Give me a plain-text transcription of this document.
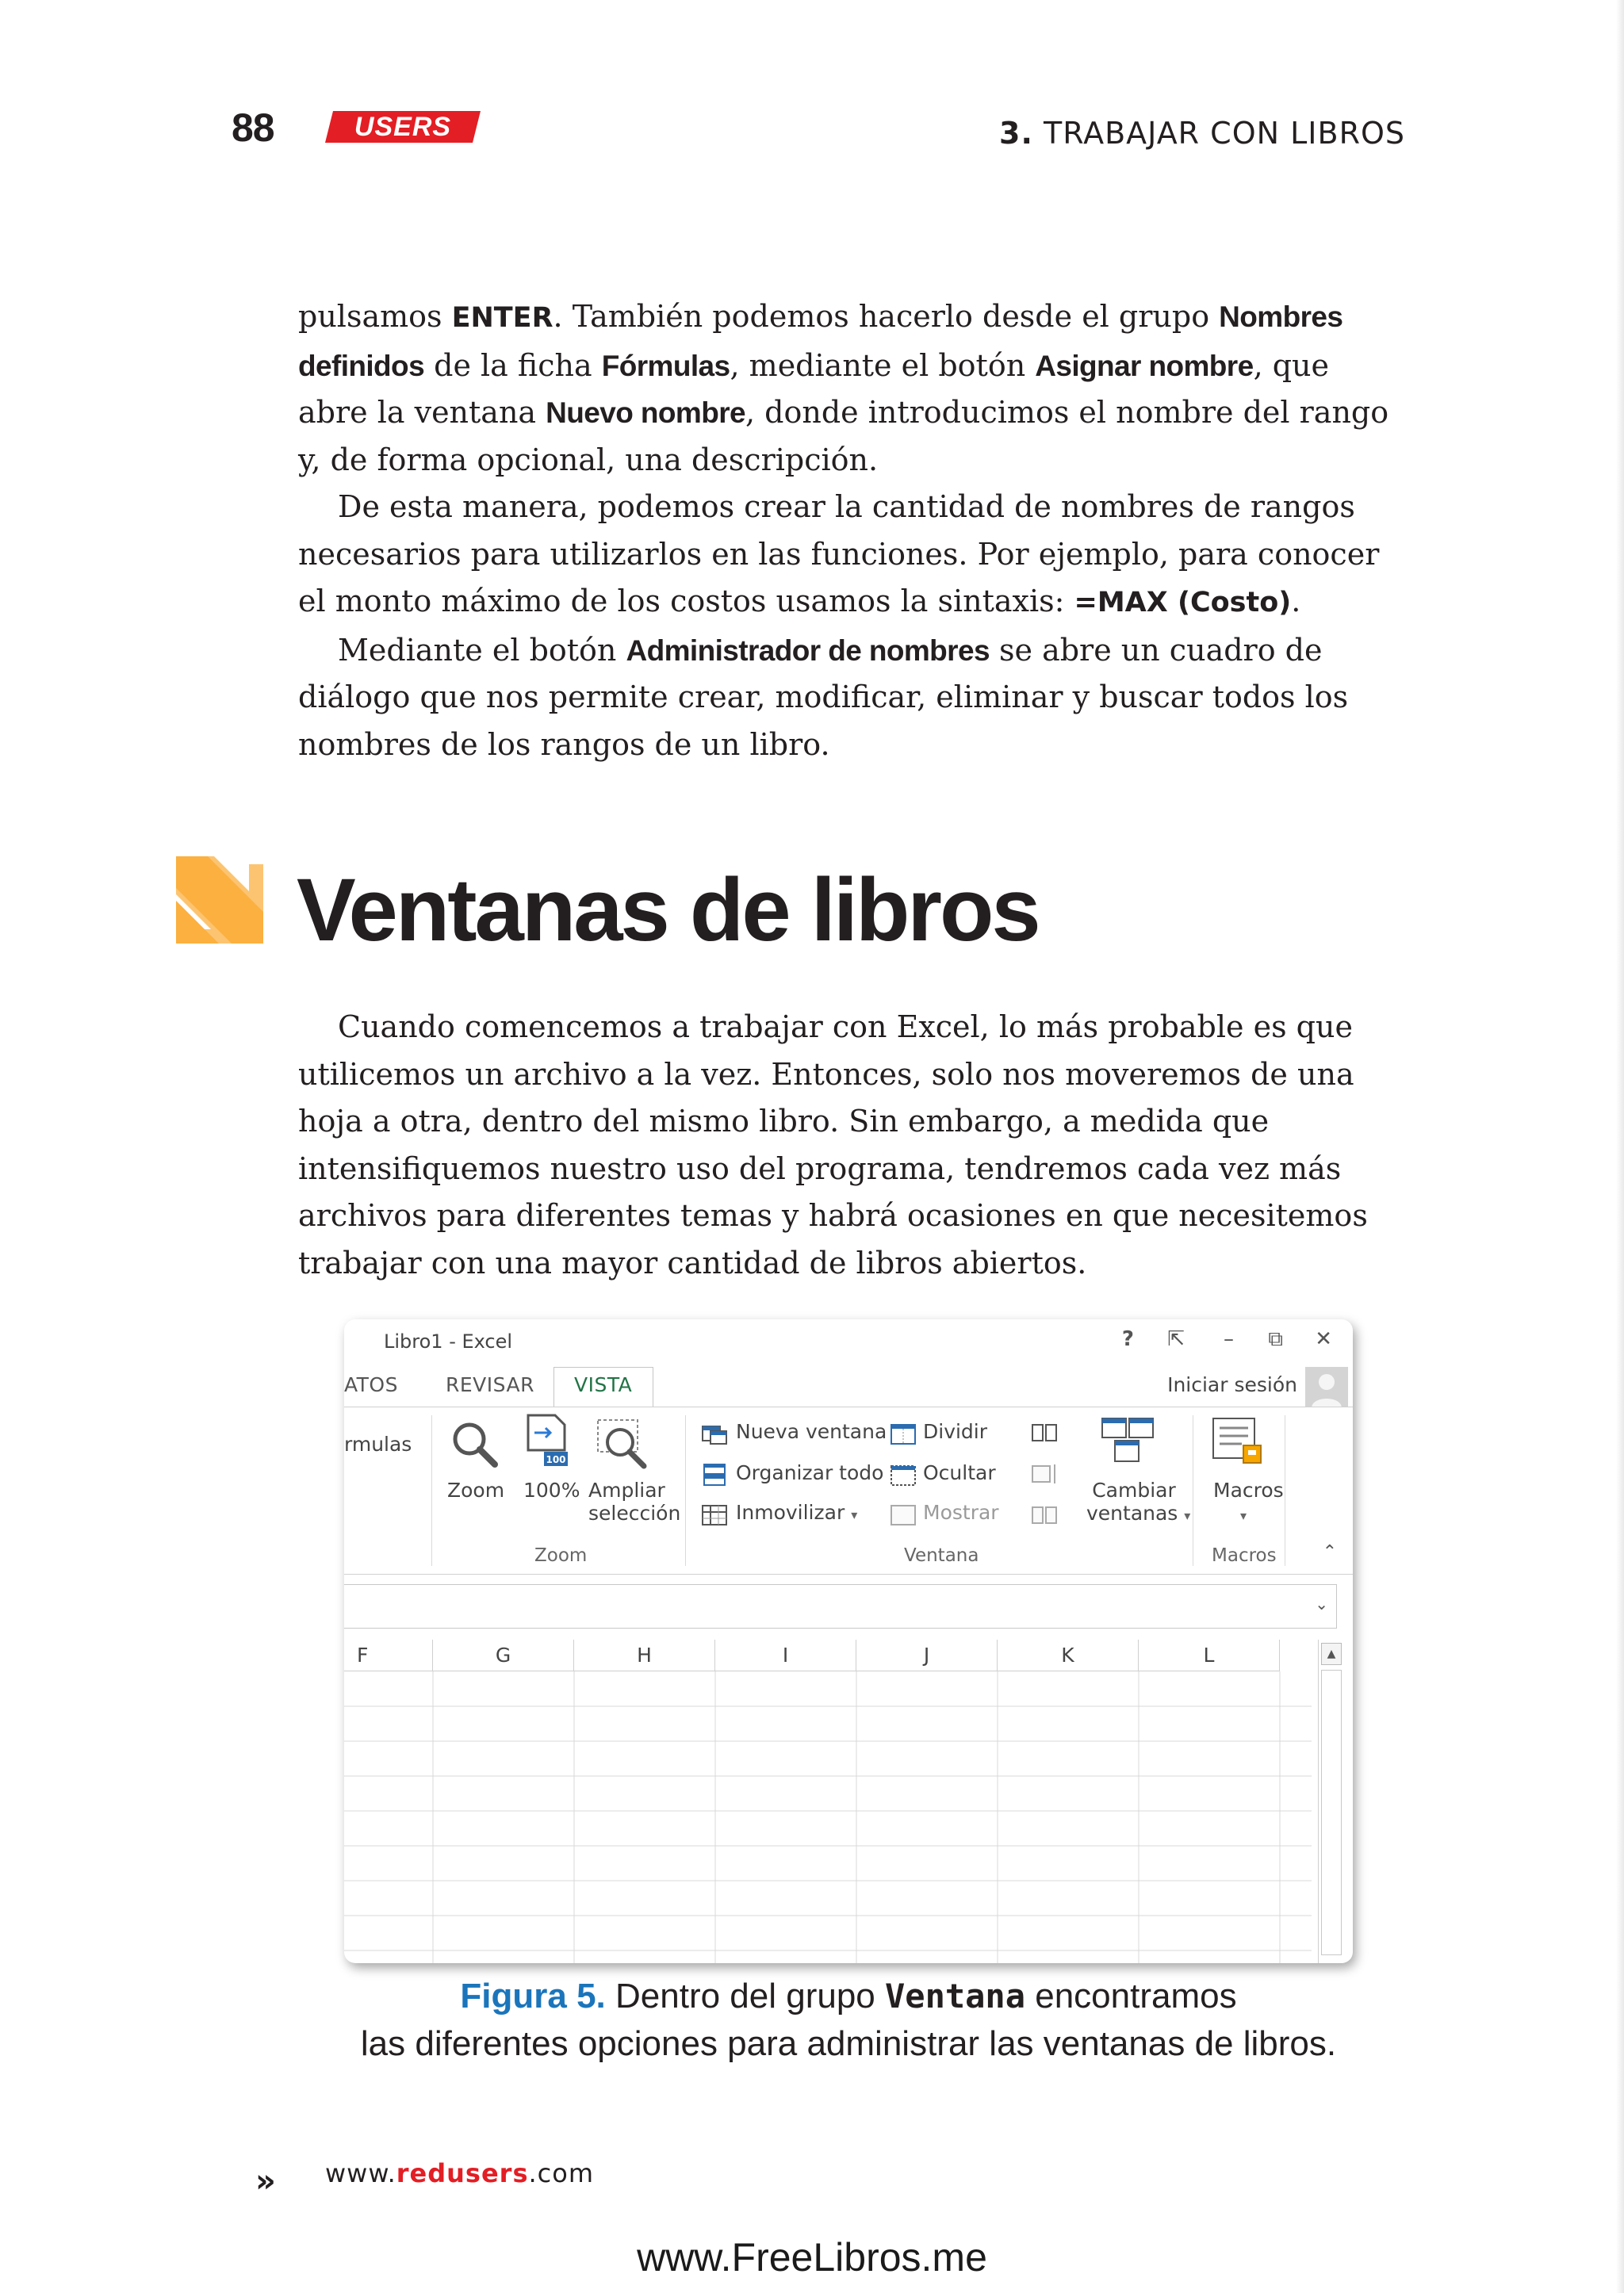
88	USERS	3. TRABAJAR CON LIBROS

pulsamos ENTER. También podemos hacerlo desde el grupo Nombres definidos de la ficha Fórmulas, mediante el botón Asignar nombre, que abre la ventana Nuevo nombre, donde introducimos el nombre del rango y, de forma opcional, una descripción.

De esta manera, podemos crear la cantidad de nombres de rangos necesarios para utilizarlos en las funciones. Por ejemplo, para conocer el monto máximo de los costos usamos la sintaxis: =MAX (Costo).

Mediante el botón Administrador de nombres se abre un cuadro de diálogo que nos permite crear, modificar, eliminar y buscar todos los nombres de los rangos de un libro.

Ventanas de libros

Cuando comencemos a trabajar con Excel, lo más probable es que utilicemos un archivo a la vez. Entonces, solo nos moveremos de una hoja a otra, dentro del mismo libro. Sin embargo, a medida que intensifiquemos nuestro uso del programa, tendremos cada vez más archivos para diferentes temas y habrá ocasiones en que necesitemos trabajar con una mayor cantidad de libros abiertos.

Libro1 - Excel	? ⇱ – ⧉ ✕
ATOS REVISAR VISTA	Iniciar sesión
rmulas
Zoom
100
100% Ampliar
selección
Zoom
Nueva ventana
Organizar todo
Inmovilizar ▾
Dividir
Ocultar
Mostrar
Cambiar
ventanas ▾
Ventana
Macros
▾
Macros	⌃
⌄
F	G	H	I	J	K	L	▲
Figura 5. Dentro del grupo Ventana encontramos
las diferentes opciones para administrar las ventanas de libros.
» www.redusers.com
www.FreeLibros.me
